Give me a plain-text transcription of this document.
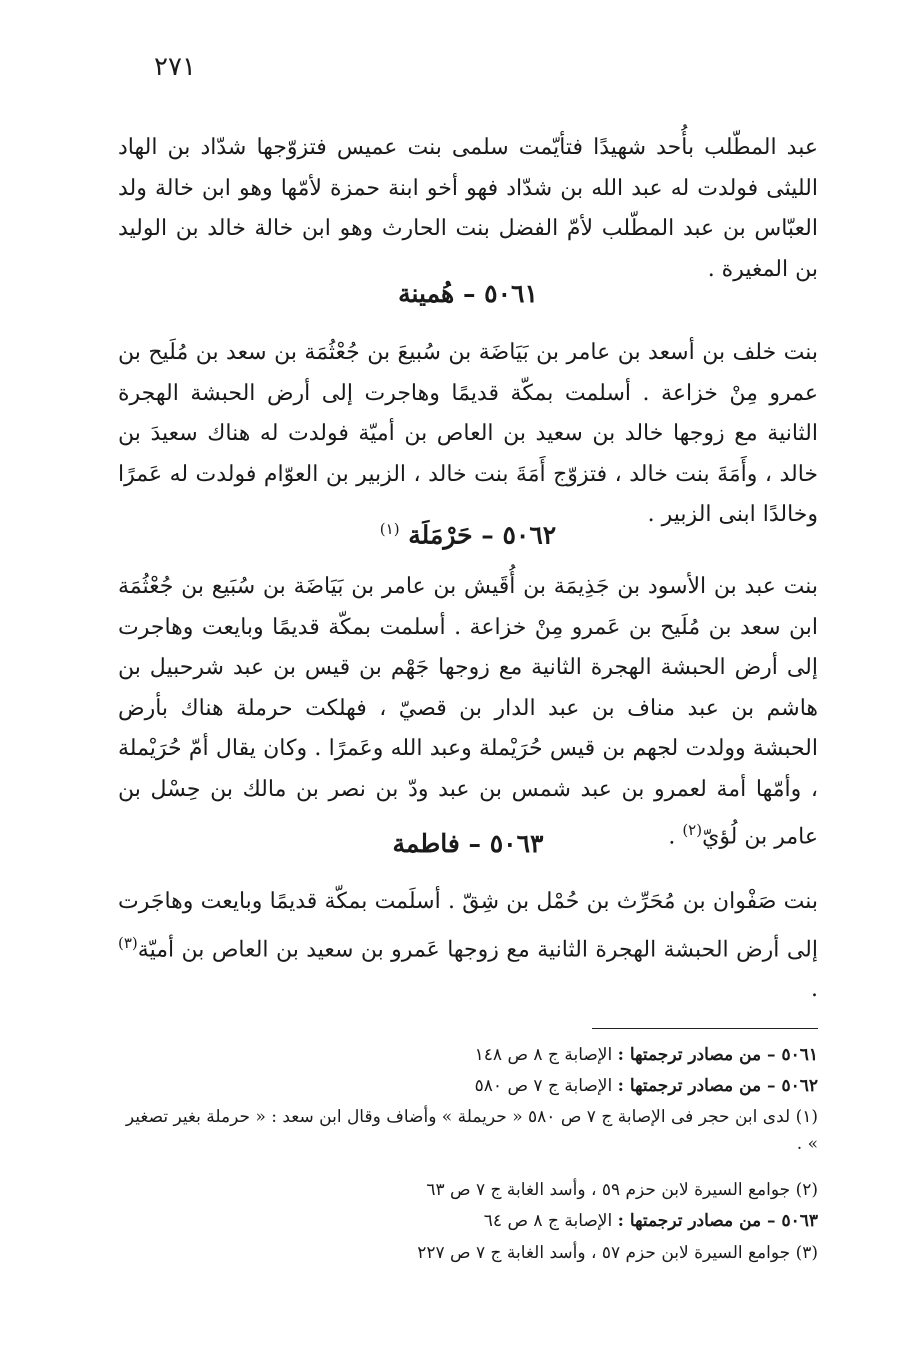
٢٧١
عبد المطّلب بأُحد شهيدًا فتأيّمت سلمى بنت عميس فتزوّجها شدّاد بن الهاد الليثى فولدت له عبد الله بن شدّاد فهو أخو ابنة حمزة لأمّها وهو ابن خالة ولد العبّاس بن عبد المطّلب لأمّ الفضل بنت الحارث وهو ابن خالة خالد بن الوليد بن المغيرة .
٥٠٦١ – هُمينة
بنت خلف بن أسعد بن عامر بن بَيَاضَة بن سُبيعَ بن جُعْثُمَة بن سعد بن مُلَيح بن عمرو مِنْ خزاعة . أسلمت بمكّة قديمًا وهاجرت إلى أرض الحبشة الهجرة الثانية مع زوجها خالد بن سعيد بن العاص بن أميّة فولدت له هناك سعيدَ بن خالد ، وأَمَةَ بنت خالد ، فتزوّج أَمَةَ بنت خالد ، الزبير بن العوّام فولدت له عَمرًا وخالدًا ابنى الزبير .
٥٠٦٢ – حَرْمَلَة $^{(١)}$
بنت عبد بن الأسود بن جَذِيمَة بن أُقَيش بن عامر بن بَيَاضَة بن سُبَيع بن جُعْثُمَة ابن سعد بن مُلَيح بن عَمرو مِنْ خزاعة . أسلمت بمكّة قديمًا وبايعت وهاجرت إلى أرض الحبشة الهجرة الثانية مع زوجها جَهْم بن قيس بن عبد شرحبيل بن هاشم بن عبد مناف بن عبد الدار بن قصيّ ، فهلكت حرملة هناك بأرض الحبشة وولدت لجهم بن قيس حُرَيْملة وعبد الله وعَمرًا . وكان يقال أمّ حُرَيْملة ، وأمّها أمة لعمرو بن عبد شمس بن عبد ودّ بن نصر بن مالك بن حِسْل بن عامر بن لُؤيّ$^{(٢)}$ .
٥٠٦٣ – فاطمة
بنت صَفْوان بن مُحَرِّث بن حُمْل بن شِقّ . أسلَمت بمكّة قديمًا وبايعت وهاجَرت إلى أرض الحبشة الهجرة الثانية مع زوجها عَمرو بن سعيد بن العاص بن أميّة$^{(٣)}$ .
٥٠٦١ – من مصادر ترجمتها : الإصابة ج ٨ ص ١٤٨
٥٠٦٢ – من مصادر ترجمتها : الإصابة ج ٧ ص ٥٨٠
(١) لدى ابن حجر فى الإصابة ج ٧ ص ٥٨٠ « حريملة » وأضاف وقال ابن سعد : « حرملة بغير تصغير » .
(٢) جوامع السيرة لابن حزم ٥٩ ، وأسد الغابة ج ٧ ص ٦٣
٥٠٦٣ – من مصادر ترجمتها : الإصابة ج ٨ ص ٦٤
(٣) جوامع السيرة لابن حزم ٥٧ ، وأسد الغابة ج ٧ ص ٢٢٧
